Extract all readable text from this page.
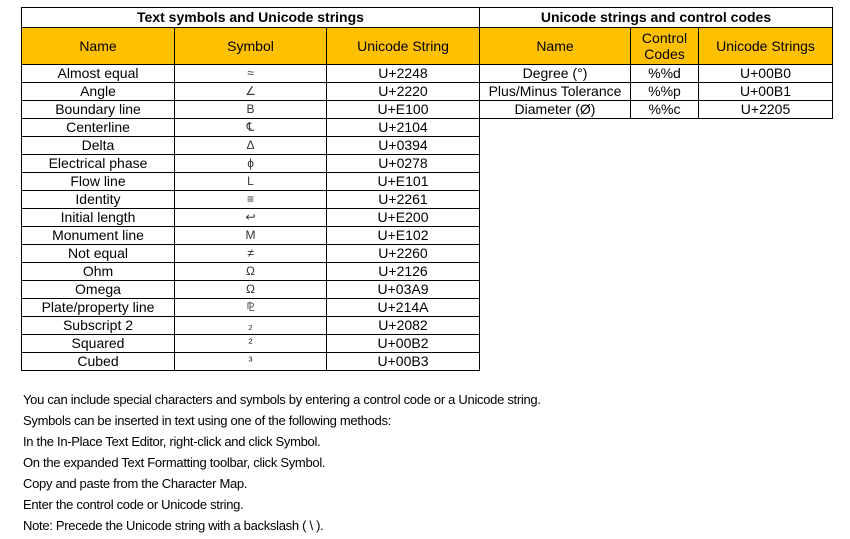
Text symbols and Unicode strings		
Name	Symbol	Unicode String
Almost equal	≈	U+2248
Angle	∠	U+2220
Boundary line	B	U+E100
Centerline	℄	U+2104
Delta	Δ	U+0394
Electrical phase	ɸ	U+0278
Flow line	L	U+E101
Identity	≡	U+2261
Initial length	↩	U+E200
Monument line	M	U+E102
Not equal	≠	U+2260
Ohm	Ω	U+2126
Omega	Ω	U+03A9
Plate/property line	⅊	U+214A
Subscript 2	₂	U+2082
Squared	²	U+00B2
Cubed	³	U+00B3
Unicode strings and control codes		
Name	Control Codes	Unicode Strings
Degree (°)	%%d	U+00B0
Plus/Minus Tolerance	%%p	U+00B1
Diameter (Ø)	%%c	U+2205

You can include special characters and symbols by entering a control code or a Unicode string.

Symbols can be inserted in text using one of the following methods:

In the In-Place Text Editor, right-click and click Symbol.

On the expanded Text Formatting toolbar, click Symbol.

Copy and paste from the Character Map.

Enter the control code or Unicode string.

Note: Precede the Unicode string with a backslash ( \ ).
